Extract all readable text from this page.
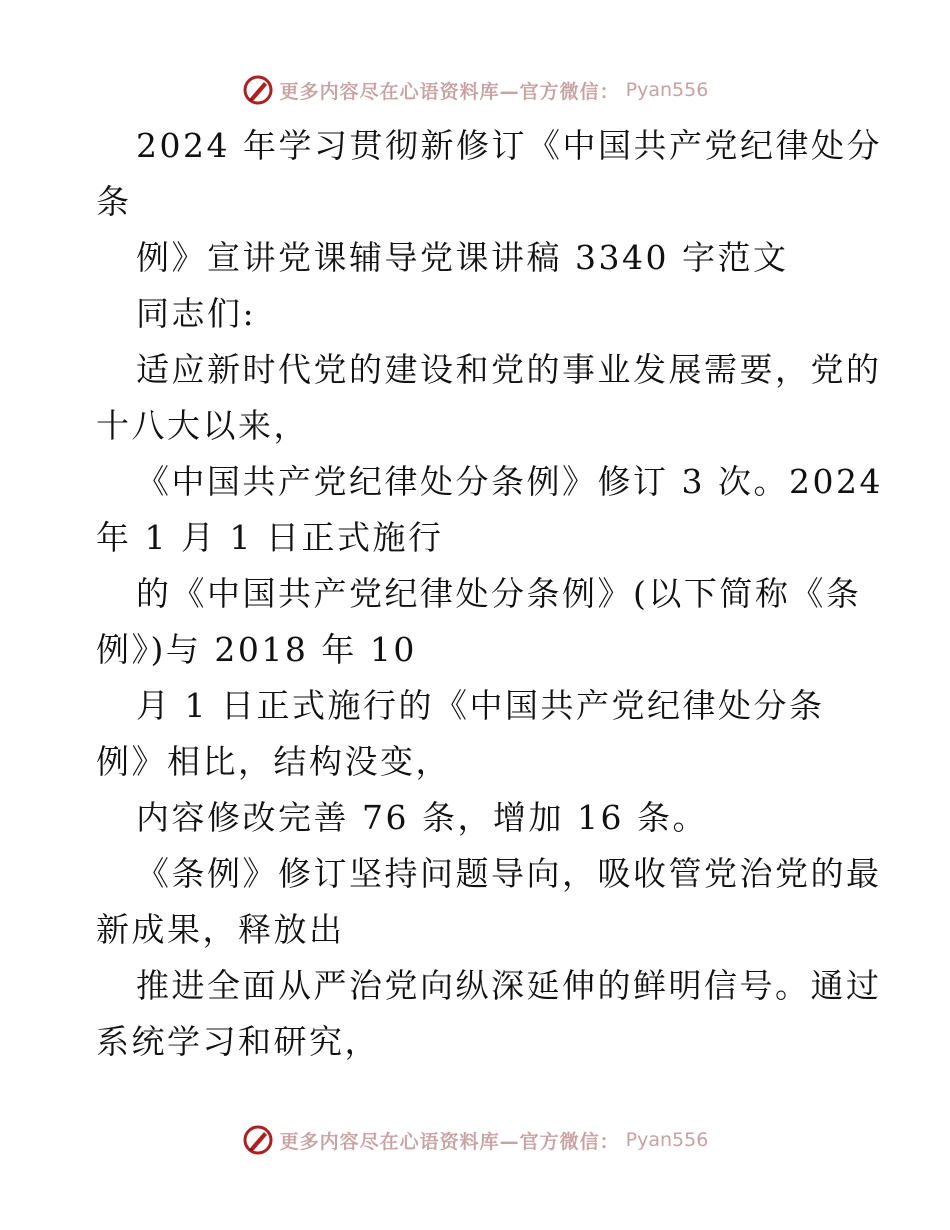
更多内容尽在心语资料库—官方微信： Pyan556
2024 年学习贯彻新修订《中国共产党纪律处分
条
例》宣讲党课辅导党课讲稿 3340 字范文
同志们:
适应新时代党的建设和党的事业发展需要，党的
十八大以来，
《中国共产党纪律处分条例》修订 3 次。2024
年 1 月 1 日正式施行
的《中国共产党纪律处分条例》(以下简称《条
例》)与 2018 年 10
月 1 日正式施行的《中国共产党纪律处分条
例》相比，结构没变，
内容修改完善 76 条，增加 16 条。
《条例》修订坚持问题导向，吸收管党治党的最
新成果，释放出
推进全面从严治党向纵深延伸的鲜明信号。通过
系统学习和研究，
更多内容尽在心语资料库—官方微信： Pyan556
